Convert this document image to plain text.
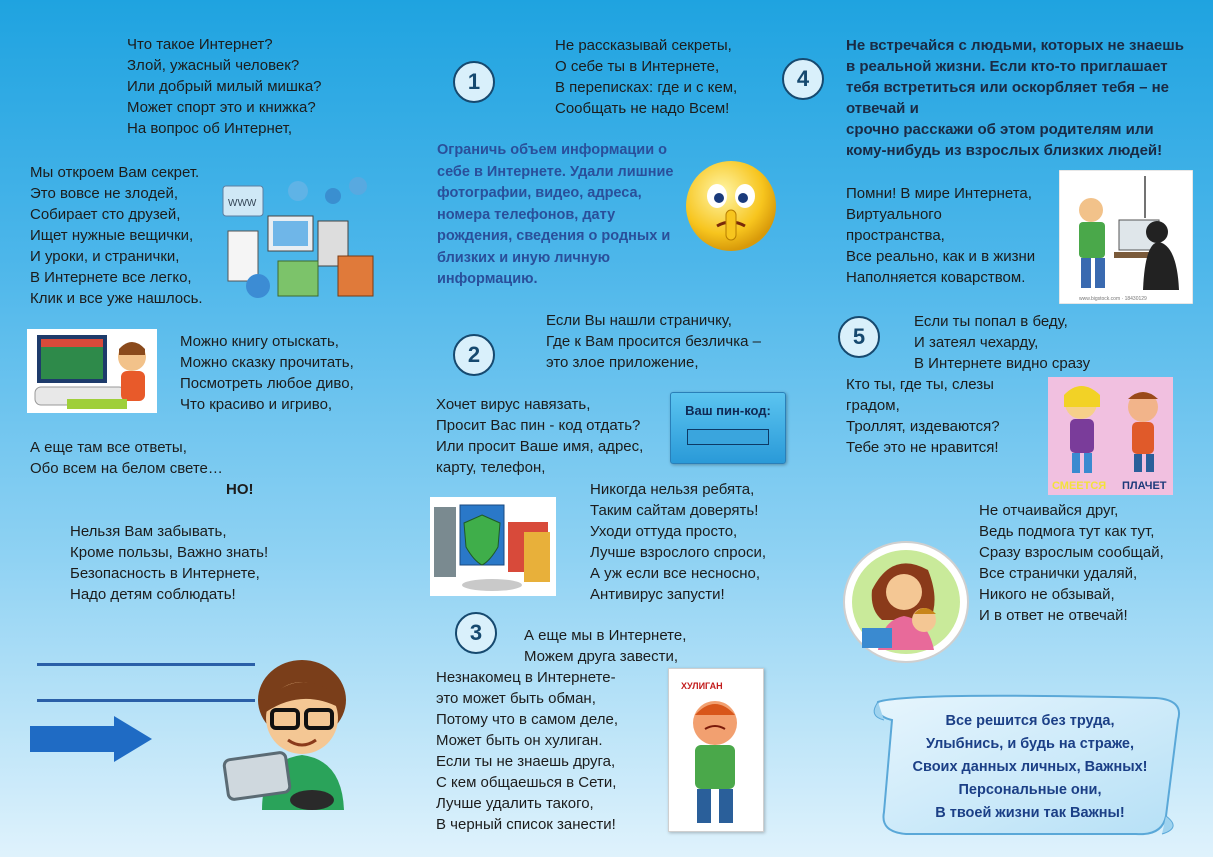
Что такое Интернет?
Злой, ужасный человек?
Или добрый милый мишка?
Может спорт это и книжка?
На вопрос об Интернет,
Мы откроем Вам секрет.
Это вовсе не злодей,
Собирает сто друзей,
Ищет нужные вещички,
И уроки, и странички,
В Интернете все легко,
Клик и все уже нашлось.
WWW
Можно книгу отыскать,
Можно сказку прочитать,
Посмотреть любое диво,
Что красиво и игриво,
А еще там все ответы,
Обо всем на белом свете…
НО!
Нельзя Вам забывать,
Кроме пользы, Важно знать!
Безопасность в Интернете,
Надо детям соблюдать!
1
Не рассказывай секреты,
О себе ты в Интернете,
В переписках: где и с кем,
Сообщать не надо Всем!
Ограничь объем информации о
себе в Интернете. Удали лишние
фотографии, видео, адреса,
номера телефонов, дату
рождения, сведения о родных и
близких и иную личную
информацию.
2
Если Вы нашли страничку,
Где к Вам просится безличка –
это злое приложение,
Хочет вирус навязать,
Просит Вас пин - код отдать?
Или просит Ваше имя, адрес,
карту, телефон,
Ваш пин-код:
Никогда нельзя ребята,
Таким сайтам доверять!
Уходи оттуда просто,
Лучше взрослого спроси,
А уж если все несносно,
Антивирус запусти!
3	А еще мы в Интернете,
Можем друга завести,
Незнакомец в Интернете-
это может быть обман,
Потому что в самом деле,
Может быть он хулиган.
Если ты не знаешь друга,
С кем общаешься в Сети,
Лучше удалить такого,
В черный список занести!
ХУЛИГАН
4
Не встречайся с людьми, которых не знаешь
в реальной жизни. Если кто-то приглашает
тебя встретиться или оскорбляет тебя – не
отвечай и
срочно расскажи об этом родителям или
кому-нибудь из взрослых близких людей!
Помни! В мире Интернета,
Виртуального
пространства,
Все реально, как и в жизни
Наполняется коварством.
www.bigstock.com · 18430129
5
Если ты попал в беду,
И затеял чехарду,
В Интернете видно сразу
Кто ты, где ты, слезы
градом,
Троллят, издеваются?
Тебе это не нравится!
СМЕЕТСЯ ПЛАЧЕТ
Не отчаивайся друг,
Ведь подмога тут как тут,
Сразу взрослым сообщай,
Все странички удаляй,
Никого не обзывай,
И в ответ не отвечай!
Все решится без труда,
Улыбнись, и будь на страже,
Своих данных личных, Важных!
Персональные они,
В твоей жизни так Важны!
